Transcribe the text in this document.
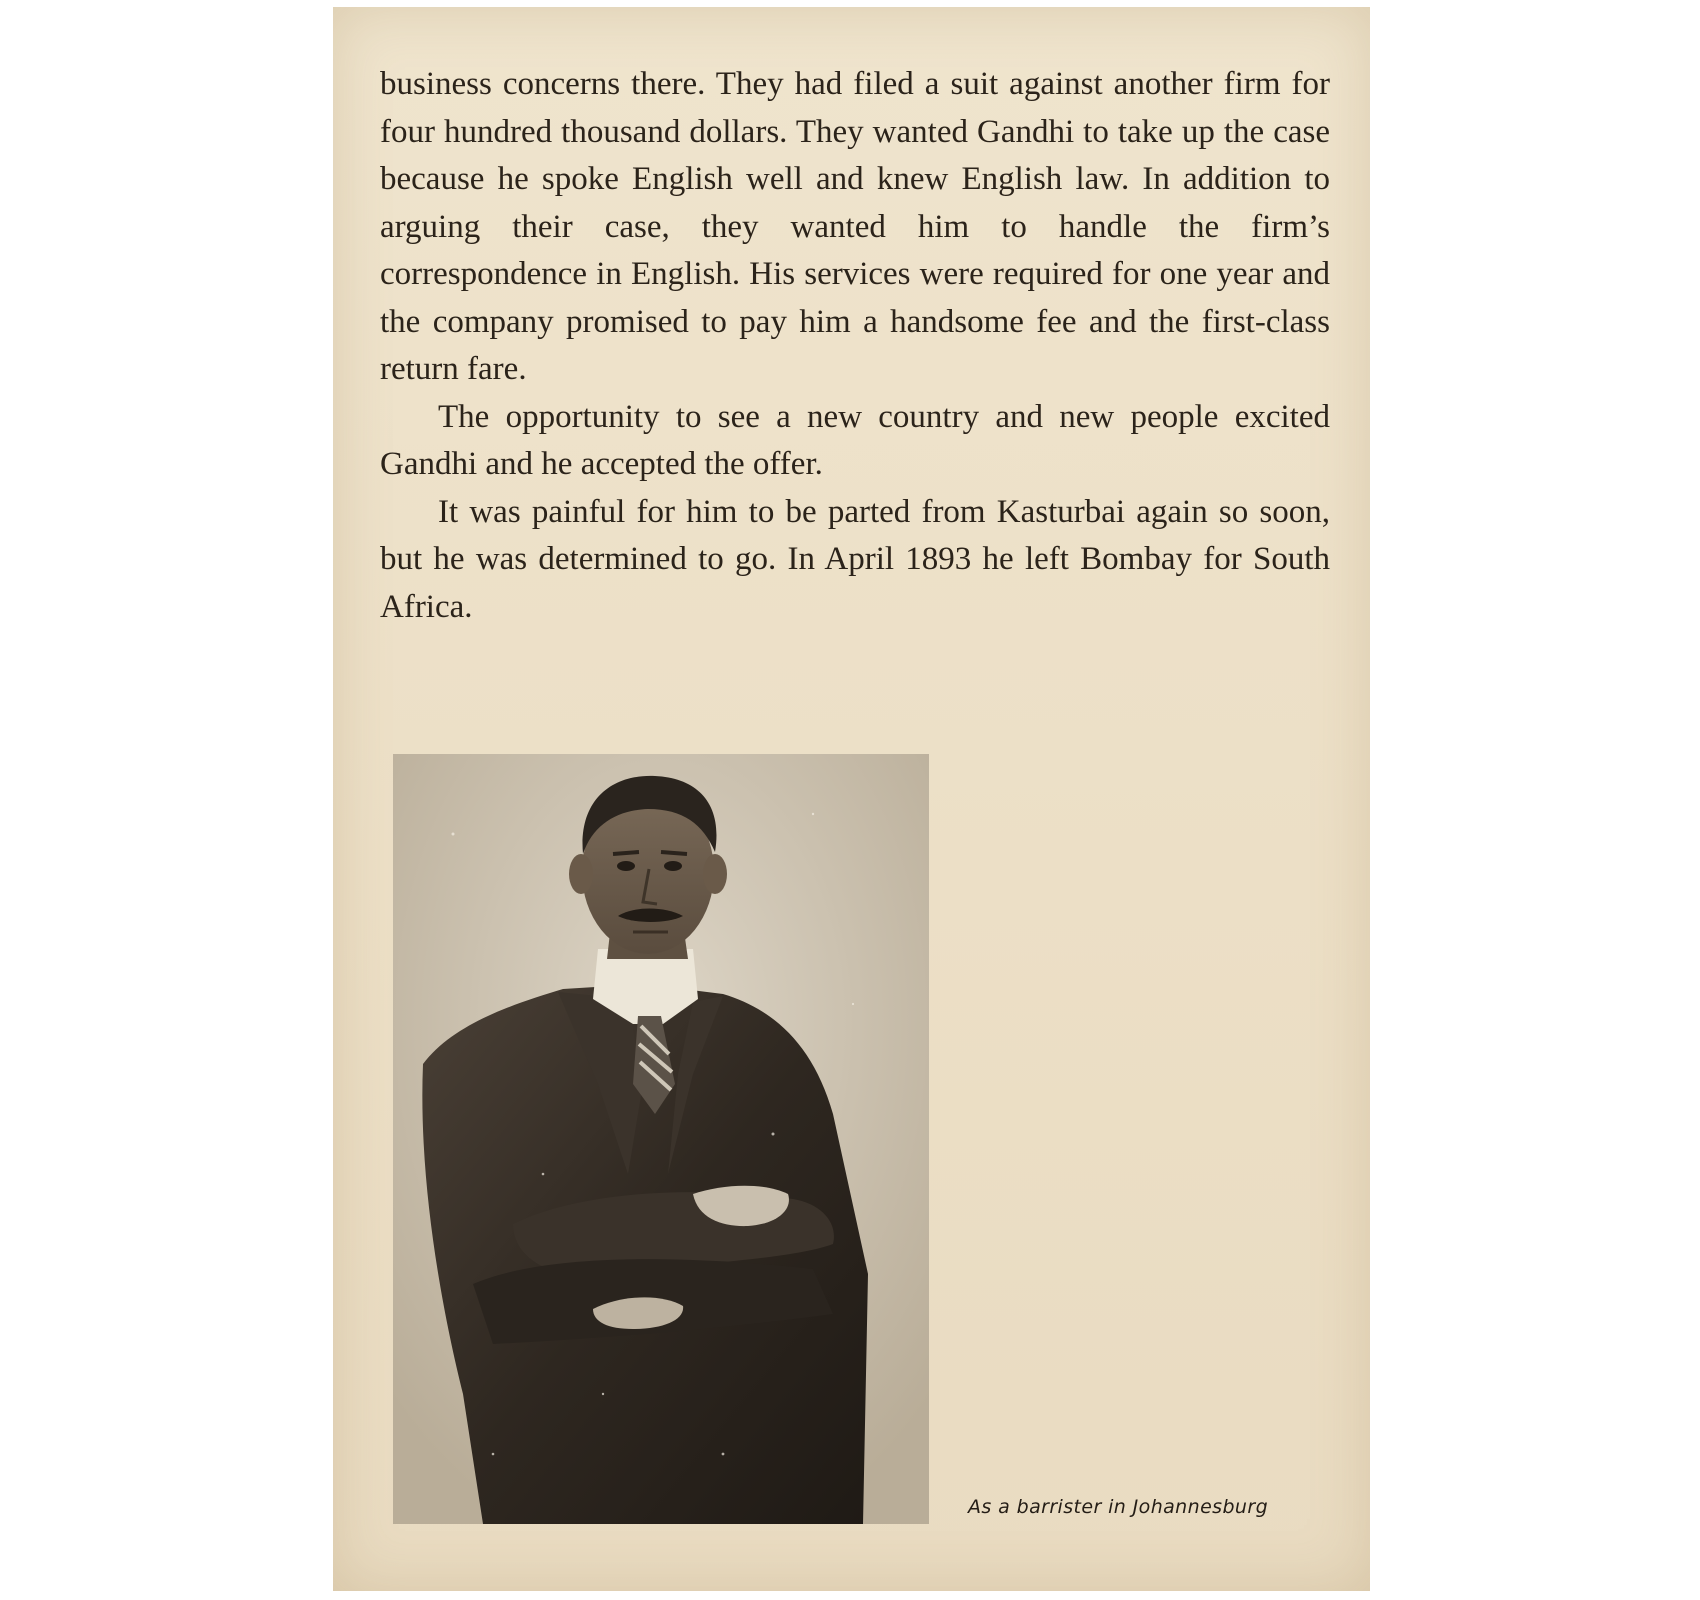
business concerns there. They had filed a suit against another firm for four hundred thousand dollars. They wanted Gandhi to take up the case because he spoke English well and knew English law. In addition to arguing their case, they wanted him to handle the firm’s correspondence in English. His services were required for one year and the company promised to pay him a handsome fee and the first-class return fare.

The opportunity to see a new country and new people excited Gandhi and he accepted the offer.

It was painful for him to be parted from Kasturbai again so soon, but he was determined to go. In April 1893 he left Bombay for South Africa.

As a barrister in Johannesburg
